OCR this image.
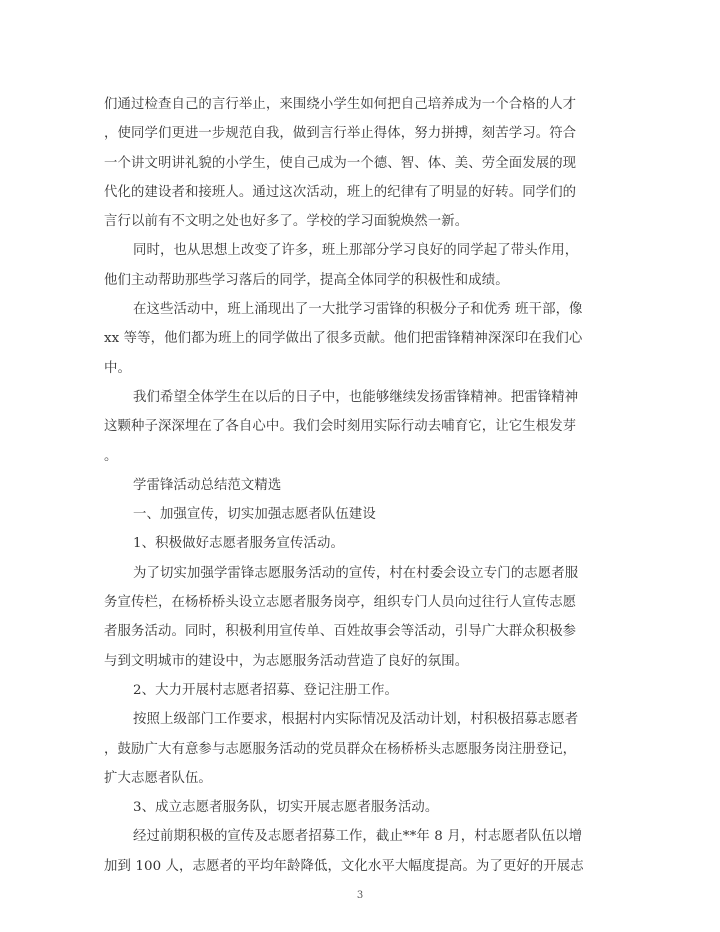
们通过检查自己的言行举止，来围绕小学生如何把自己培养成为一个合格的人才
，使同学们更进一步规范自我，做到言行举止得体，努力拼搏，刻苦学习。符合
一个讲文明讲礼貌的小学生，使自己成为一个德、智、体、美、劳全面发展的现
代化的建设者和接班人。通过这次活动，班上的纪律有了明显的好转。同学们的
言行以前有不文明之处也好多了。学校的学习面貌焕然一新。
同时，也从思想上改变了许多，班上那部分学习良好的同学起了带头作用，
他们主动帮助那些学习落后的同学，提高全体同学的积极性和成绩。
在这些活动中，班上涌现出了一大批学习雷锋的积极分子和优秀 班干部，像
xx 等等，他们都为班上的同学做出了很多贡献。他们把雷锋精神深深印在我们心
中。
我们希望全体学生在以后的日子中，也能够继续发扬雷锋精神。把雷锋精神
这颗种子深深埋在了各自心中。我们会时刻用实际行动去哺育它，让它生根发芽
。
学雷锋活动总结范文精选
一、加强宣传，切实加强志愿者队伍建设
1、积极做好志愿者服务宣传活动。
为了切实加强学雷锋志愿服务活动的宣传，村在村委会设立专门的志愿者服
务宣传栏，在杨桥桥头设立志愿者服务岗亭，组织专门人员向过往行人宣传志愿
者服务活动。同时，积极利用宣传单、百姓故事会等活动，引导广大群众积极参
与到文明城市的建设中，为志愿服务活动营造了良好的氛围。
2、大力开展村志愿者招募、登记注册工作。
按照上级部门工作要求，根据村内实际情况及活动计划，村积极招募志愿者
，鼓励广大有意参与志愿服务活动的党员群众在杨桥桥头志愿服务岗注册登记，
扩大志愿者队伍。
3、成立志愿者服务队，切实开展志愿者服务活动。
经过前期积极的宣传及志愿者招募工作，截止**年 8 月，村志愿者队伍以增
加到 100 人，志愿者的平均年龄降低，文化水平大幅度提高。为了更好的开展志
3
